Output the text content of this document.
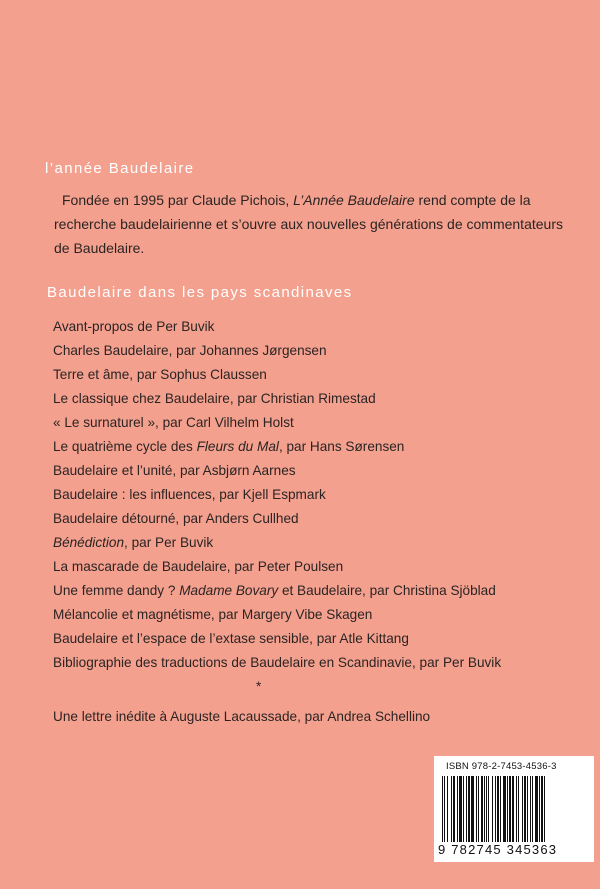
l’année Baudelaire

Fondée en 1995 par Claude Pichois, L’Année Baudelaire rend compte de la

recherche baudelairienne et s’ouvre aux nouvelles générations de commentateurs

de Baudelaire.

Baudelaire dans les pays scandinaves
Avant-propos de Per Buvik
Charles Baudelaire, par Johannes Jørgensen
Terre et âme, par Sophus Claussen
Le classique chez Baudelaire, par Christian Rimestad
« Le surnaturel », par Carl Vilhelm Holst
Le quatrième cycle des Fleurs du Mal, par Hans Sørensen
Baudelaire et l’unité, par Asbjørn Aarnes
Baudelaire : les influences, par Kjell Espmark
Baudelaire détourné, par Anders Cullhed
Bénédiction, par Per Buvik
La mascarade de Baudelaire, par Peter Poulsen
Une femme dandy ? Madame Bovary et Baudelaire, par Christina Sjöblad
Mélancolie et magnétisme, par Margery Vibe Skagen
Baudelaire et l’espace de l’extase sensible, par Atle Kittang
Bibliographie des traductions de Baudelaire en Scandinavie, par Per Buvik
*
Une lettre inédite à Auguste Lacaussade, par Andrea Schellino
ISBN 978-2-7453-4536-3
9 782745 345363
